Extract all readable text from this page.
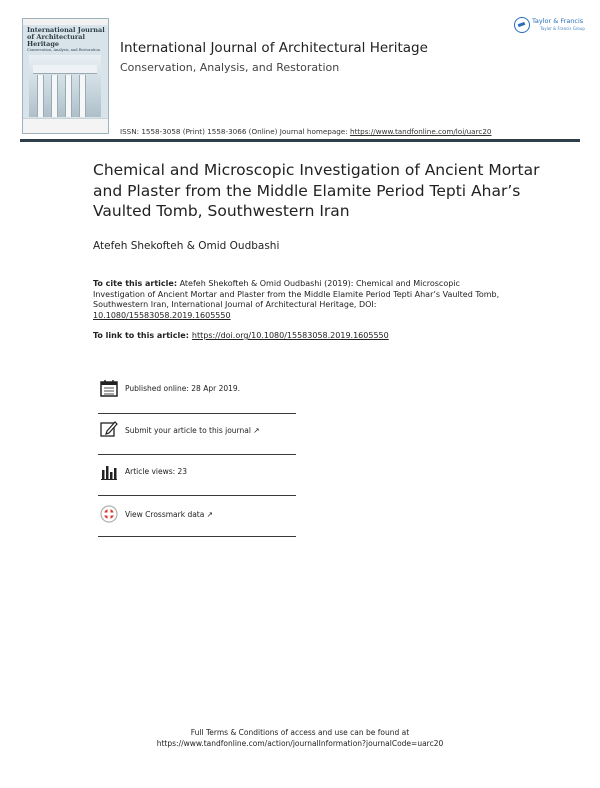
International Journal of Architectural Heritage
Conservation, Analysis, and Restoration
Taylor & Francis
Taylor & Francis Group
International Journal of Architectural Heritage
Conservation, Analysis, and Restoration
ISSN: 1558-3058 (Print) 1558-3066 (Online) Journal homepage: https://www.tandfonline.com/loi/uarc20
Chemical and Microscopic Investigation of Ancient Mortar and Plaster from the Middle Elamite Period Tepti Ahar’s Vaulted Tomb, Southwestern Iran
Atefeh Shekofteh & Omid Oudbashi
To cite this article: Atefeh Shekofteh & Omid Oudbashi (2019): Chemical and Microscopic Investigation of Ancient Mortar and Plaster from the Middle Elamite Period Tepti Ahar’s Vaulted Tomb, Southwestern Iran, International Journal of Architectural Heritage, DOI: 10.1080/15583058.2019.1605550
To link to this article: https://doi.org/10.1080/15583058.2019.1605550
Published online: 28 Apr 2019.
Submit your article to this journal ↗
Article views: 23
View Crossmark data ↗
Full Terms & Conditions of access and use can be found at
https://www.tandfonline.com/action/journalInformation?journalCode=uarc20
